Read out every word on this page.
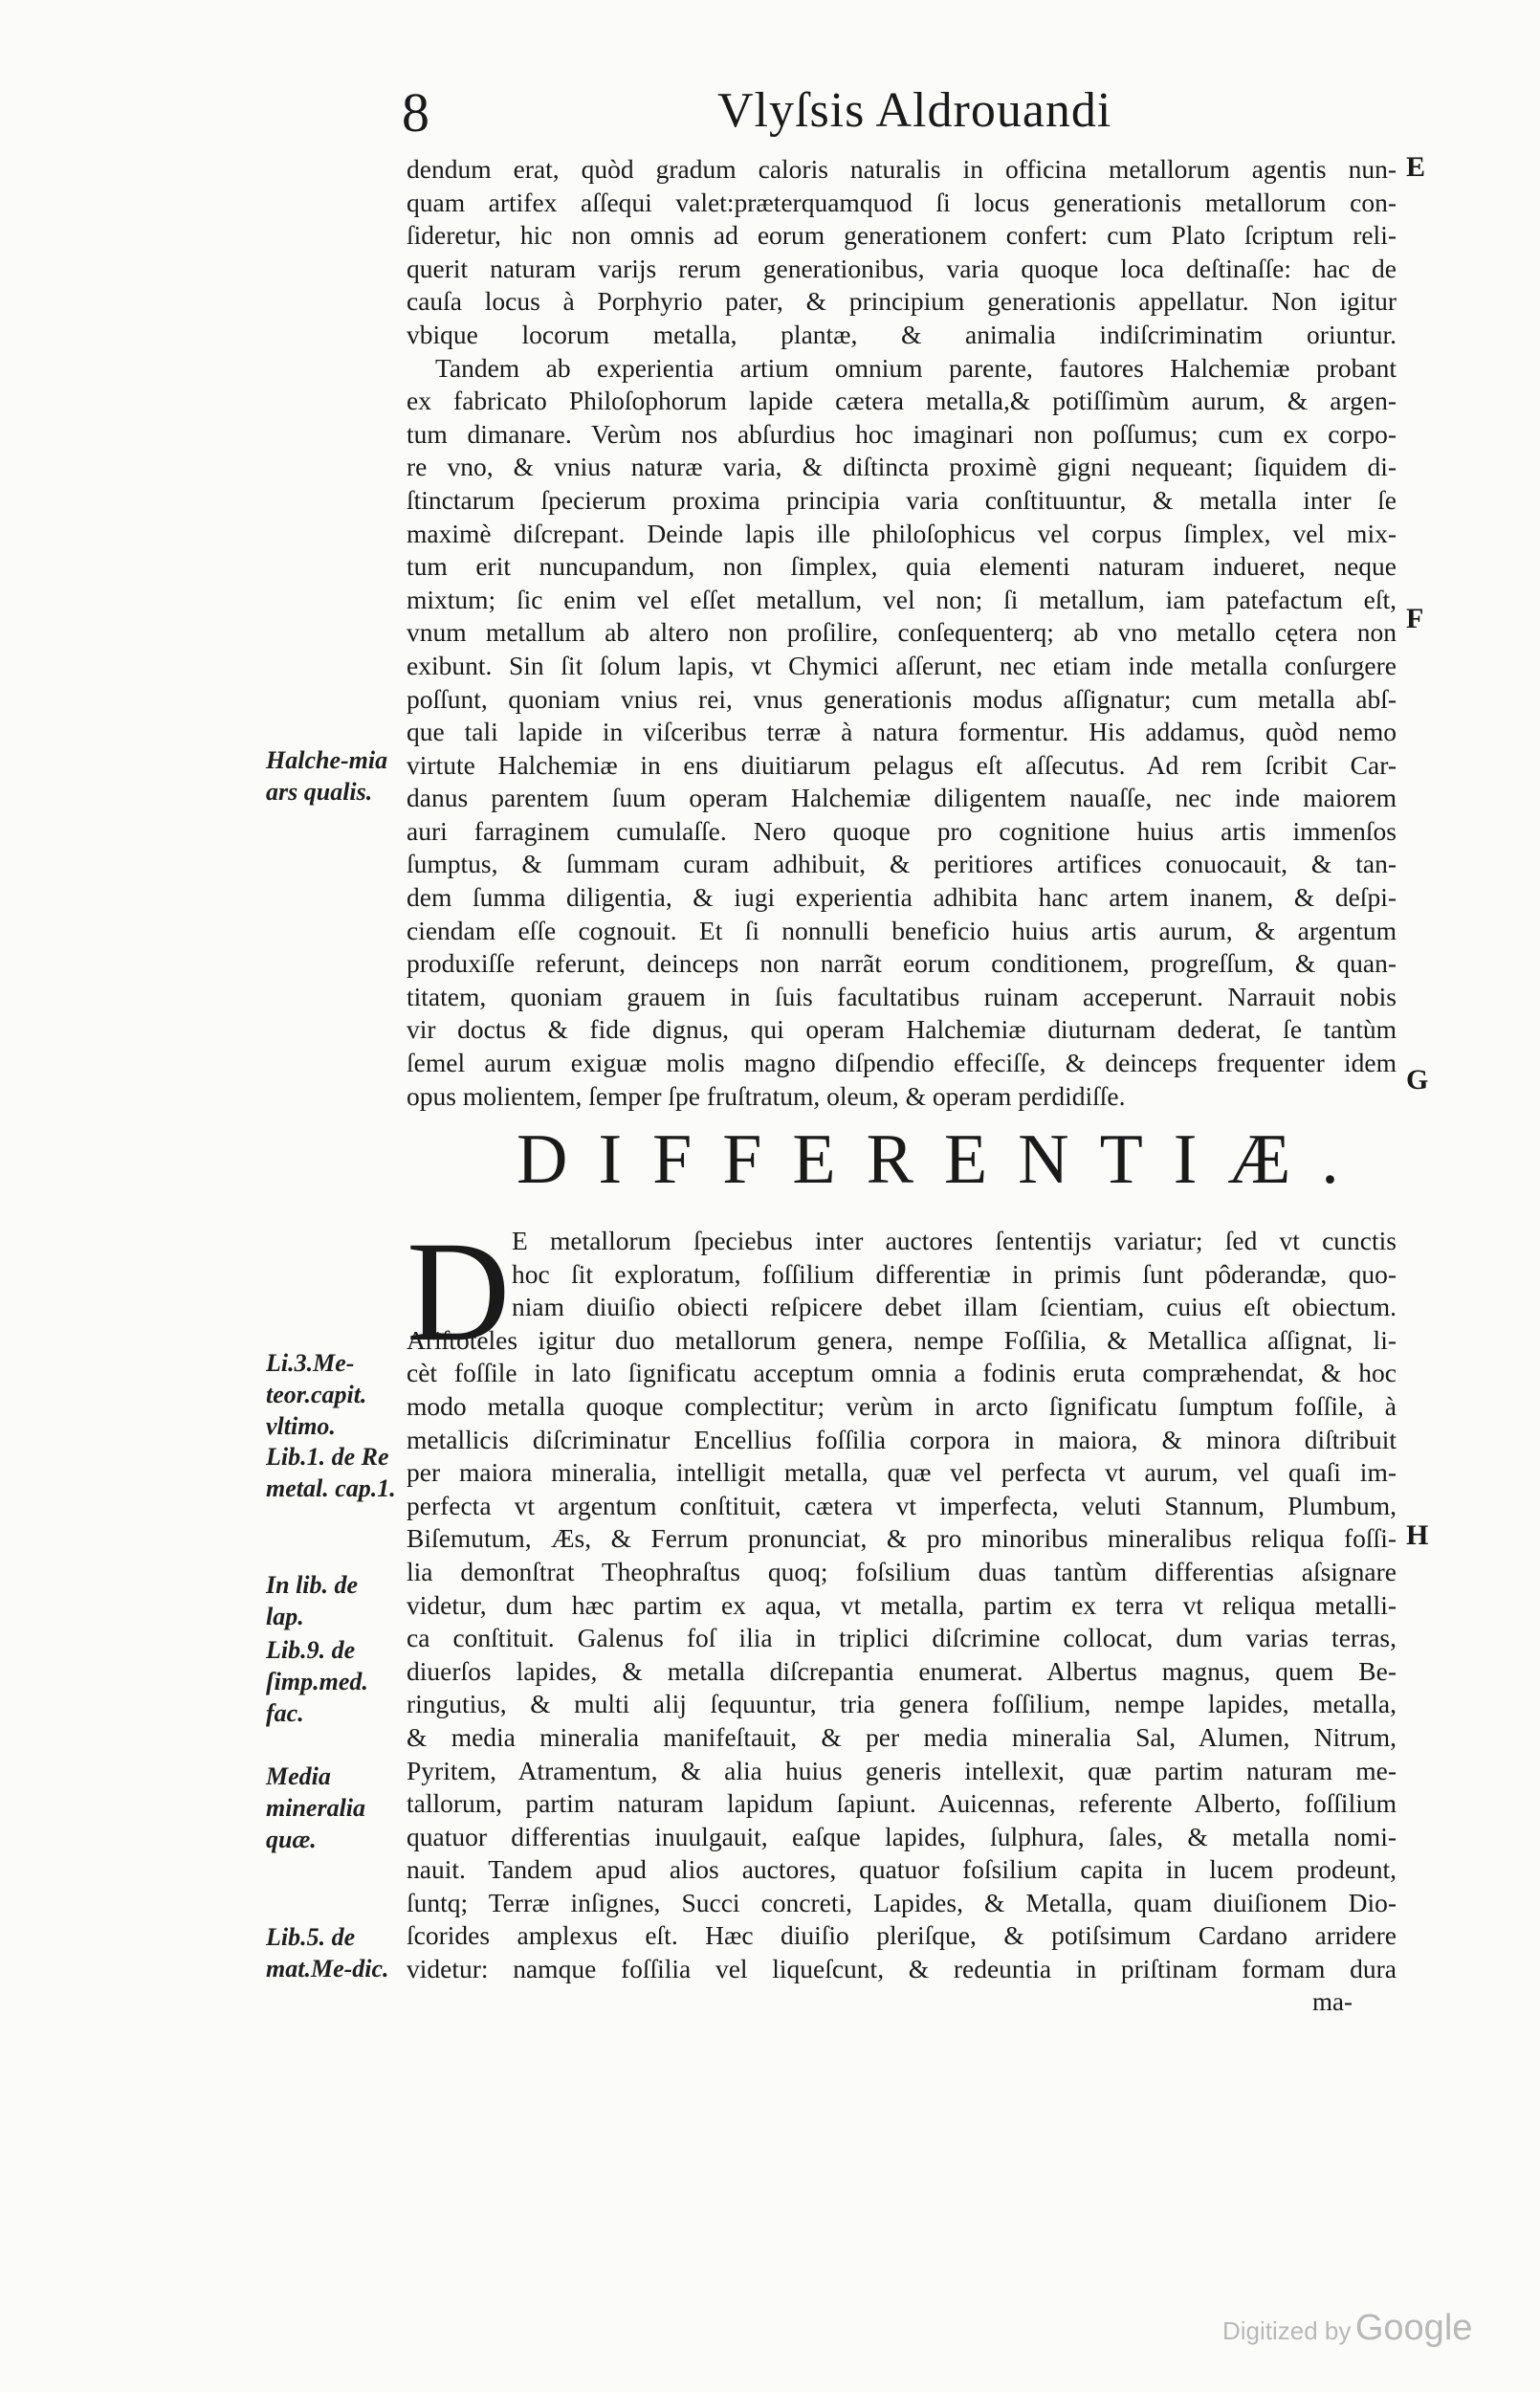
8	Vlyſsis Aldrouandi
dendum erat, quòd gradum caloris naturalis in officina metallorum agentis nun-
quam artifex aſſequi valet:prӕterquamquod ſi locus generationis metallorum con-
ſideretur, hic non omnis ad eorum generationem confert: cum Plato ſcriptum reli-
querit naturam varijs rerum generationibus, varia quoque loca deſtinaſſe: hac de
cauſa locus à Porphyrio pater, & principium generationis appellatur. Non igitur
vbique locorum metalla, plantæ, & animalia indiſcriminatim oriuntur.
Tandem ab experientia artium omnium parente, fautores Halchemiæ probant
ex fabricato Philoſophorum lapide cætera metalla,& potiſſimùm aurum, & argen-
tum dimanare. Verùm nos abſurdius hoc imaginari non poſſumus; cum ex corpo-
re vno, & vnius naturæ varia, & diſtincta proximè gigni nequeant; ſiquidem di-
ſtinctarum ſpecierum proxima principia varia conſtituuntur, & metalla inter ſe
maximè diſcrepant. Deinde lapis ille philoſophicus vel corpus ſimplex, vel mix-
tum erit nuncupandum, non ſimplex, quia elementi naturam indueret, neque
mixtum; ſic enim vel eſſet metallum, vel non; ſi metallum, iam patefactum eſt,
vnum metallum ab altero non proſilire, conſequenterq; ab vno metallo cętera non
exibunt. Sin ſit ſolum lapis, vt Chymici aſſerunt, nec etiam inde metalla conſurgere
poſſunt, quoniam vnius rei, vnus generationis modus aſſignatur; cum metalla abſ-
que tali lapide in viſceribus terræ à natura formentur. His addamus, quòd nemo
virtute Halchemiæ in ens diuitiarum pelagus eſt aſſecutus. Ad rem ſcribit Car-
danus parentem ſuum operam Halchemiæ diligentem nauaſſe, nec inde maiorem
auri farraginem cumulaſſe. Nero quoque pro cognitione huius artis immenſos
ſumptus, & ſummam curam adhibuit, & peritiores artifices conuocauit, & tan-
dem ſumma diligentia, & iugi experientia adhibita hanc artem inanem, & deſpi-
ciendam eſſe cognouit. Et ſi nonnulli beneficio huius artis aurum, & argentum
produxiſſe referunt, deinceps non narrãt eorum conditionem, progreſſum, & quan-
titatem, quoniam grauem in ſuis facultatibus ruinam acceperunt. Narrauit nobis
vir doctus & fide dignus, qui operam Halchemiæ diuturnam dederat, ſe tantùm
ſemel aurum exiguæ molis magno diſpendio effeciſſe, & deinceps frequenter idem
opus molientem, ſemper ſpe fruſtratum, oleum, & operam perdidiſſe.
DIFFERENTIÆ.
D E metallorum ſpeciebus inter auctores ſententijs variatur; ſed vt cunctis
hoc ſit exploratum, foſſilium differentiæ in primis ſunt pôderandæ, quo-
niam diuiſio obiecti reſpicere debet illam ſcientiam, cuius eſt obiectum.
Ariſtoteles igitur duo metallorum genera, nempe Foſſilia, & Metallica aſſignat, li-
cèt foſſile in lato ſignificatu acceptum omnia a fodinis eruta compræhendat, & hoc
modo metalla quoque complectitur; verùm in arcto ſignificatu ſumptum foſſile, à
metallicis diſcriminatur Encellius foſſilia corpora in maiora, & minora diſtribuit
per maiora mineralia, intelligit metalla, quæ vel perfecta vt aurum, vel quaſi im-
perfecta vt argentum conſtituit, cætera vt imperfecta, veluti Stannum, Plumbum,
Biſemutum, Æs, & Ferrum pronunciat, & pro minoribus mineralibus reliqua foſſi-
lia demonſtrat Theophraſtus quoq; foſsilium duas tantùm differentias aſsignare
videtur, dum hæc partim ex aqua, vt metalla, partim ex terra vt reliqua metalli-
ca conſtituit. Galenus foſ ilia in triplici diſcrimine collocat, dum varias terras,
diuerſos lapides, & metalla diſcrepantia enumerat. Albertus magnus, quem Be-
ringutius, & multi alij ſequuntur, tria genera foſſilium, nempe lapides, metalla,
& media mineralia manifeſtauit, & per media mineralia Sal, Alumen, Nitrum,
Pyritem, Atramentum, & alia huius generis intellexit, quæ partim naturam me-
tallorum, partim naturam lapidum ſapiunt. Auicennas, referente Alberto, foſſilium
quatuor differentias inuulgauit, eaſque lapides, ſulphura, ſales, & metalla nomi-
nauit. Tandem apud alios auctores, quatuor foſsilium capita in lucem prodeunt,
ſuntq; Terræ inſignes, Succi concreti, Lapides, & Metalla, quam diuiſionem Dio-
ſcorides amplexus eſt. Hæc diuiſio pleriſque, & potiſsimum Cardano arridere
videtur: namque foſſilia vel liqueſcunt, & redeuntia in priſtinam formam dura
Halche-mia ars qualis.
Li.3.Me-teor.capit. vltimo.
Lib.1. de Re metal. cap.1.
In lib. de lap.
Lib.9. de ſimp.med. fac.
Media mineralia quæ.
Lib.5. de mat.Me-dic.
E
F
G
H
ma-
Digitized by Google
